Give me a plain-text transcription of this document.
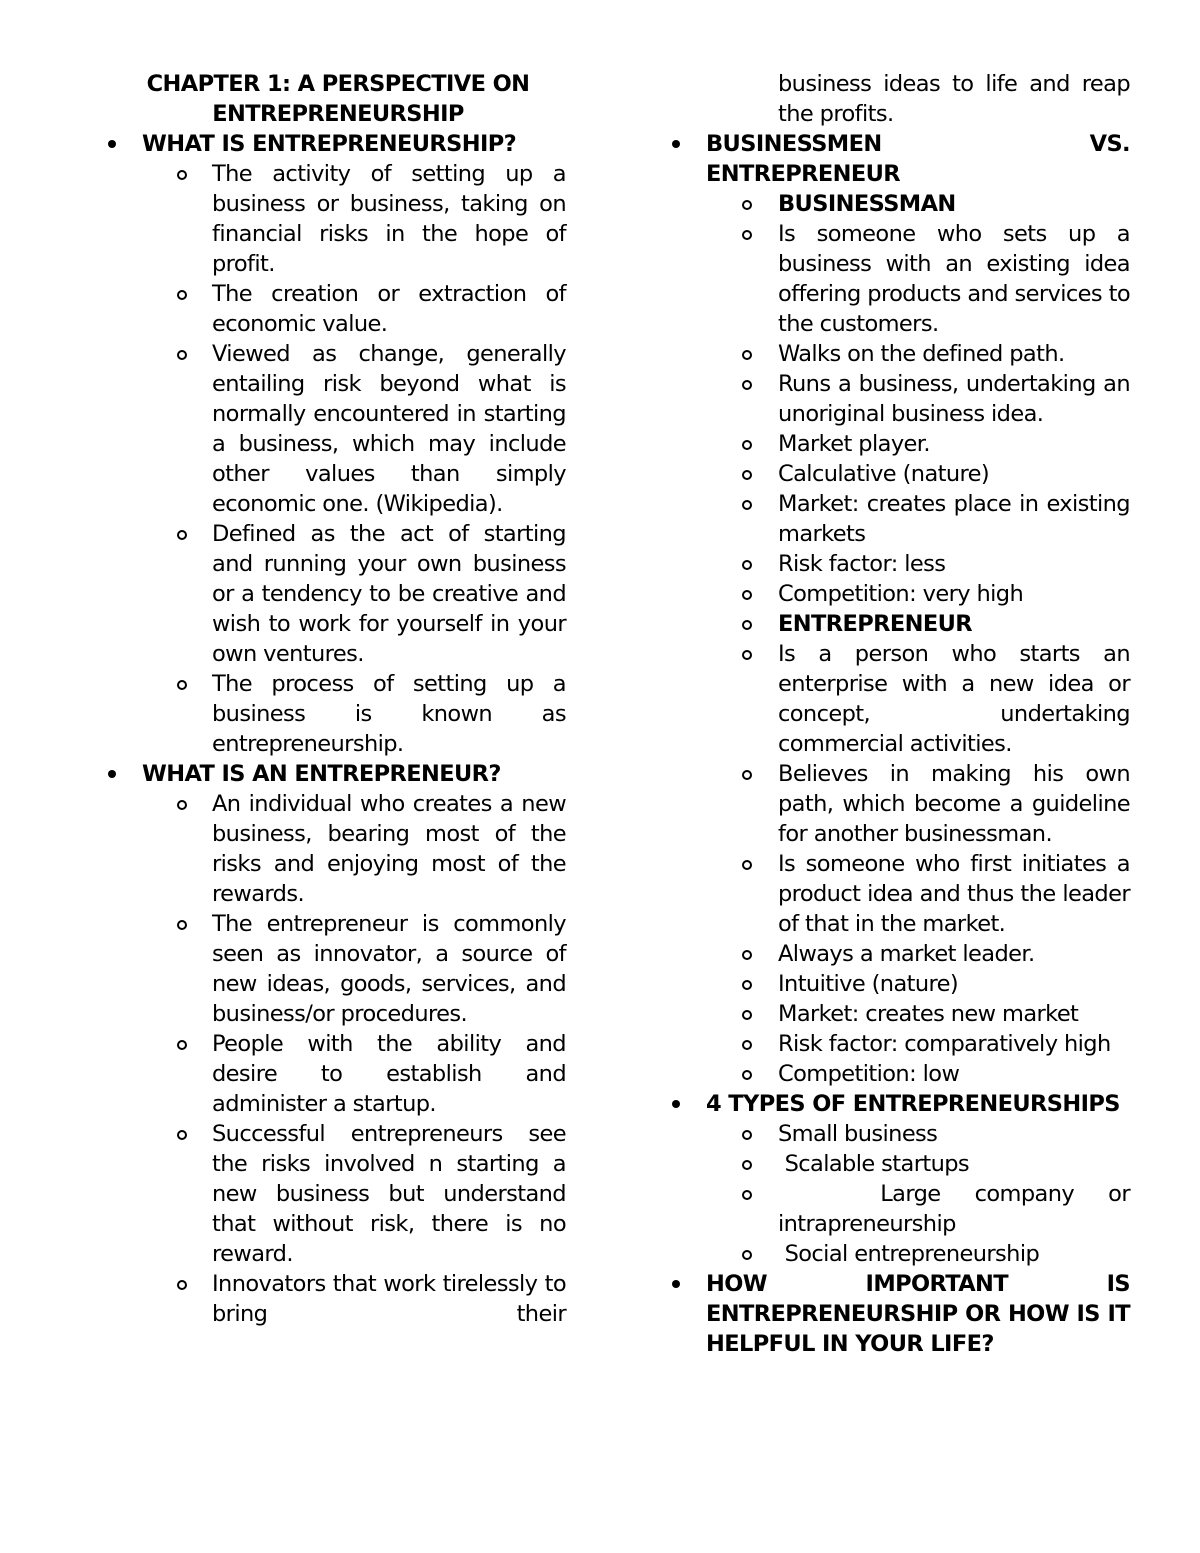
CHAPTER 1: A PERSPECTIVE ON ENTREPRENEURSHIP
WHAT IS ENTREPRENEURSHIP?
The activity of setting up a business or business, taking on financial risks in the hope of profit.
The creation or extraction of economic value.
Viewed as change, generally entailing risk beyond what is normally encountered in starting a business, which may include other values than simply economic one. (Wikipedia).
Defined as the act of starting and running your own business or a tendency to be creative and wish to work for yourself in your own ventures.
The process of setting up a business is known as entrepreneurship.
WHAT IS AN ENTREPRENEUR?
An individual who creates a new business, bearing most of the risks and enjoying most of the rewards.
The entrepreneur is commonly seen as innovator, a source of new ideas, goods, services, and business/or procedures.
People with the ability and desire to establish and administer a startup.
Successful entrepreneurs see the risks involved n starting a new business but understand that without risk, there is no reward.
Innovators that work tirelessly to bring their
business ideas to life and reap the profits.
BUSINESSMEN VS. ENTREPRENEUR
BUSINESSMAN
Is someone who sets up a business with an existing idea offering products and services to the customers.
Walks on the defined path.
Runs a business, undertaking an unoriginal business idea.
Market player.
Calculative (nature)
Market: creates place in existing markets
Risk factor: less
Competition: very high
ENTREPRENEUR
Is a person who starts an enterprise with a new idea or concept, undertaking commercial activities.
Believes in making his own path, which become a guideline for another businessman.
Is someone who first initiates a product idea and thus the leader of that in the market.
Always a market leader.
Intuitive (nature)
Market: creates new market
Risk factor: comparatively high
Competition: low
4 TYPES OF ENTREPRENEURSHIPS
Small business
Scalable startups
Large company or intrapreneurship
Social entrepreneurship
HOW IMPORTANT IS ENTREPRENEURSHIP OR HOW IS IT HELPFUL IN YOUR LIFE?
